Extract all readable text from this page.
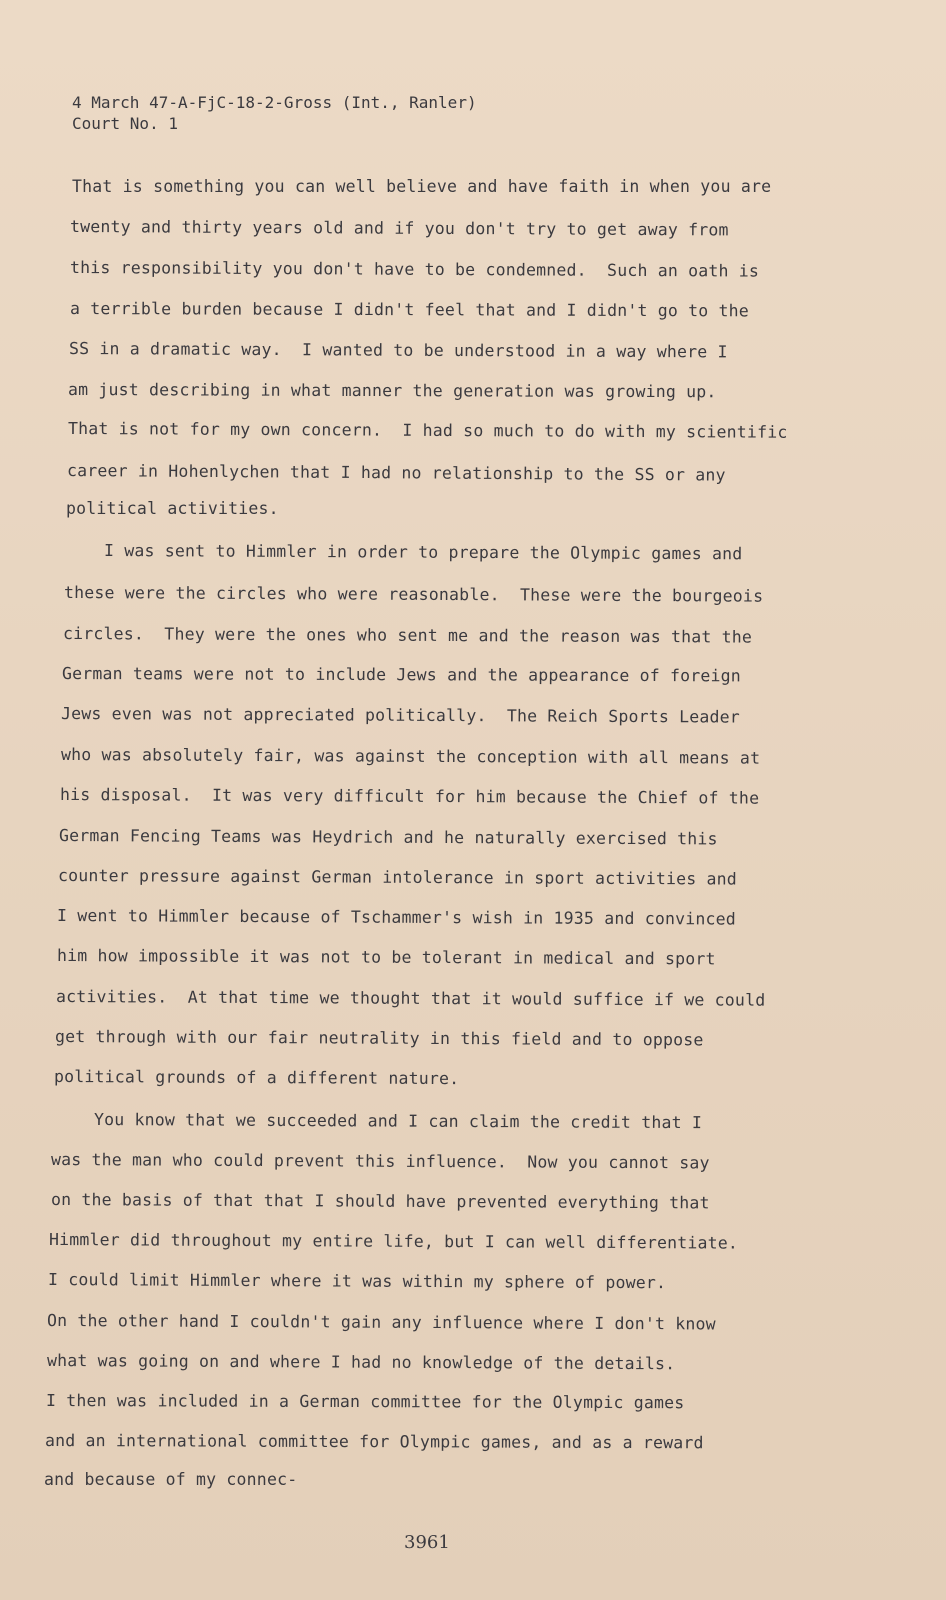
4 March 47-A-FjC-18-2-Gross (Int., Ranler)
Court No. 1
That is something you can well believe and have faith in when you are
twenty and thirty years old and if you don't try to get away from
this responsibility you don't have to be condemned.  Such an oath is
a terrible burden because I didn't feel that and I didn't go to the
SS in a dramatic way.  I wanted to be understood in a way where I
am just describing in what manner the generation was growing up.
That is not for my own concern.  I had so much to do with my scientific
career in Hohenlychen that I had no relationship to the SS or any
political activities.
I was sent to Himmler in order to prepare the Olympic games and
these were the circles who were reasonable.  These were the bourgeois
circles.  They were the ones who sent me and the reason was that the
German teams were not to include Jews and the appearance of foreign
Jews even was not appreciated politically.  The Reich Sports Leader
who was absolutely fair, was against the conception with all means at
his disposal.  It was very difficult for him because the Chief of the
German Fencing Teams was Heydrich and he naturally exercised this
counter pressure against German intolerance in sport activities and
I went to Himmler because of Tschammer's wish in 1935 and convinced
him how impossible it was not to be tolerant in medical and sport
activities.  At that time we thought that it would suffice if we could
get through with our fair neutrality in this field and to oppose
political grounds of a different nature.
You know that we succeeded and I can claim the credit that I
was the man who could prevent this influence.  Now you cannot say
on the basis of that that I should have prevented everything that
Himmler did throughout my entire life, but I can well differentiate.
I could limit Himmler where it was within my sphere of power.
On the other hand I couldn't gain any influence where I don't know
what was going on and where I had no knowledge of the details.
I then was included in a German committee for the Olympic games
and an international committee for Olympic games, and as a reward
and because of my connec-
3961
